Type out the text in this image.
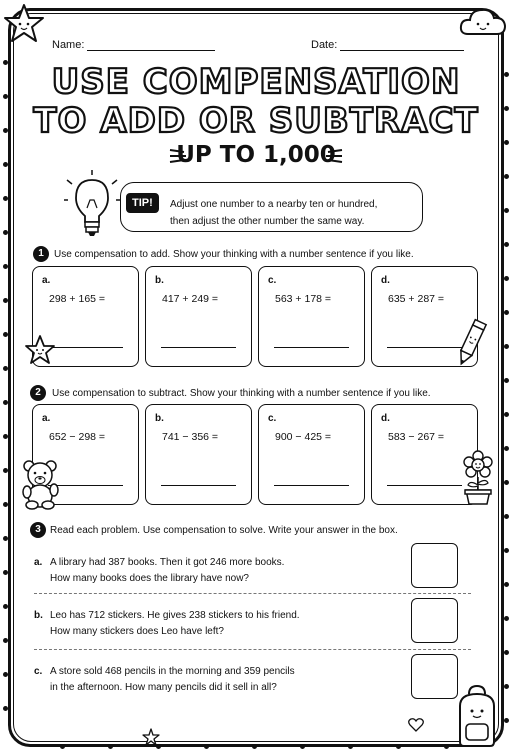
Name:	Date:
USE COMPENSATION
TO ADD OR SUBTRACT
UP TO 1,000
TIP!	Adjust one number to a nearby ten or hundred,
then adjust the other number the same way.
1	Use compensation to add. Show your thinking with a number sentence if you like.
a.
298 + 165 =
b.
417 + 249 =
c.
563 + 178 =
d.
635 + 287 =
2	Use compensation to subtract. Show your thinking with a number sentence if you like.
a.
652 − 298 =
b.
741 − 356 =
c.
900 − 425 =
d.
583 − 267 =
3 Read each problem. Use compensation to solve. Write your answer in the box.
a. A library had 387 books. Then it got 246 more books.
How many books does the library have now?
b. Leo has 712 stickers. He gives 238 stickers to his friend.
How many stickers does Leo have left?
c. A store sold 468 pencils in the morning and 359 pencils
in the afternoon. How many pencils did it sell in all?
